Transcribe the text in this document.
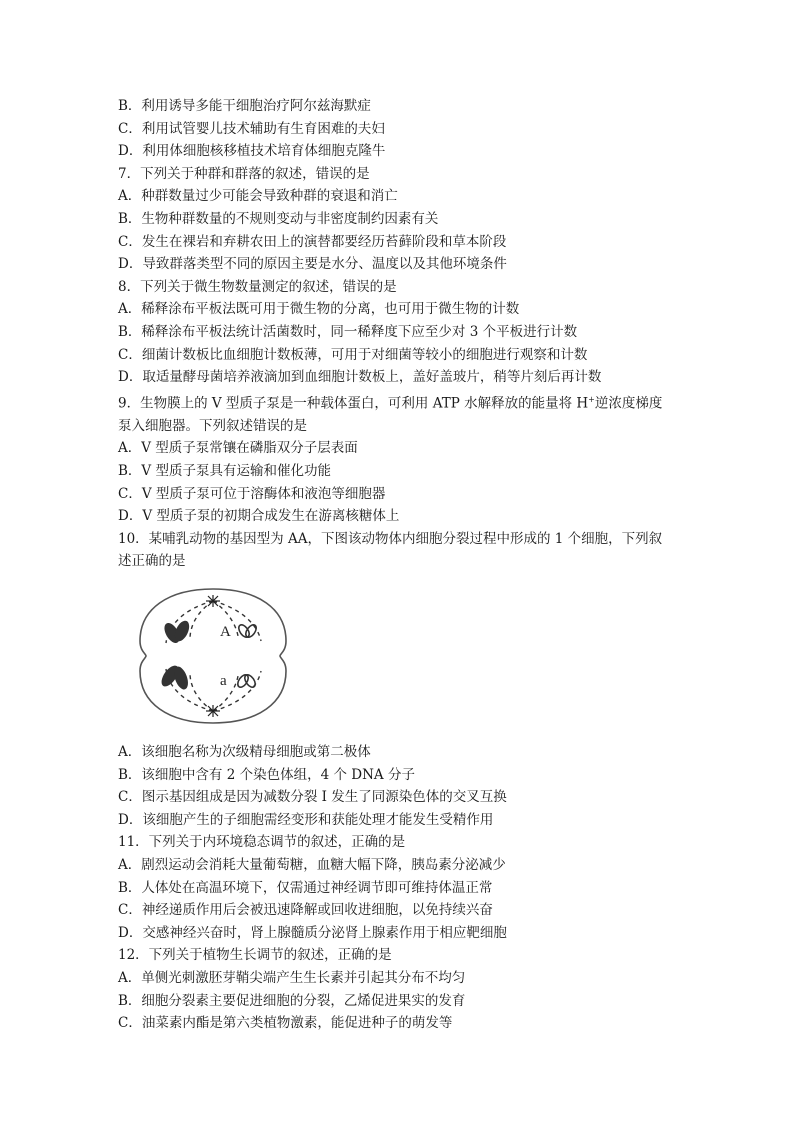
B．利用诱导多能干细胞治疗阿尔兹海默症
C．利用试管婴儿技术辅助有生育困难的夫妇
D．利用体细胞核移植技术培育体细胞克隆牛
7．下列关于种群和群落的叙述，错误的是
A．种群数量过少可能会导致种群的衰退和消亡
B．生物种群数量的不规则变动与非密度制约因素有关
C．发生在裸岩和弃耕农田上的演替都要经历苔藓阶段和草本阶段
D．导致群落类型不同的原因主要是水分、温度以及其他环境条件
8．下列关于微生物数量测定的叙述，错误的是
A．稀释涂布平板法既可用于微生物的分离，也可用于微生物的计数
B．稀释涂布平板法统计活菌数时，同一稀释度下应至少对 3 个平板进行计数
C．细菌计数板比血细胞计数板薄，可用于对细菌等较小的细胞进行观察和计数
D．取适量酵母菌培养液滴加到血细胞计数板上，盖好盖玻片，稍等片刻后再计数
9．生物膜上的 V 型质子泵是一种载体蛋白，可利用 ATP 水解释放的能量将 H+逆浓度梯度
泵入细胞器。下列叙述错误的是
A．V 型质子泵常镶在磷脂双分子层表面
B．V 型质子泵具有运输和催化功能
C．V 型质子泵可位于溶酶体和液泡等细胞器
D．V 型质子泵的初期合成发生在游离核糖体上
10．某哺乳动物的基因型为 AA，下图该动物体内细胞分裂过程中形成的 1 个细胞，下列叙
述正确的是
A
a
A．该细胞名称为次级精母细胞或第二极体
B．该细胞中含有 2 个染色体组，4 个 DNA 分子
C．图示基因组成是因为减数分裂 I 发生了同源染色体的交叉互换
D．该细胞产生的子细胞需经变形和获能处理才能发生受精作用
11．下列关于内环境稳态调节的叙述，正确的是
A．剧烈运动会消耗大量葡萄糖，血糖大幅下降，胰岛素分泌减少
B．人体处在高温环境下，仅需通过神经调节即可维持体温正常
C．神经递质作用后会被迅速降解或回收进细胞，以免持续兴奋
D．交感神经兴奋时，肾上腺髓质分泌肾上腺素作用于相应靶细胞
12．下列关于植物生长调节的叙述，正确的是
A．单侧光刺激胚芽鞘尖端产生生长素并引起其分布不均匀
B．细胞分裂素主要促进细胞的分裂，乙烯促进果实的发育
C．油菜素内酯是第六类植物激素，能促进种子的萌发等
